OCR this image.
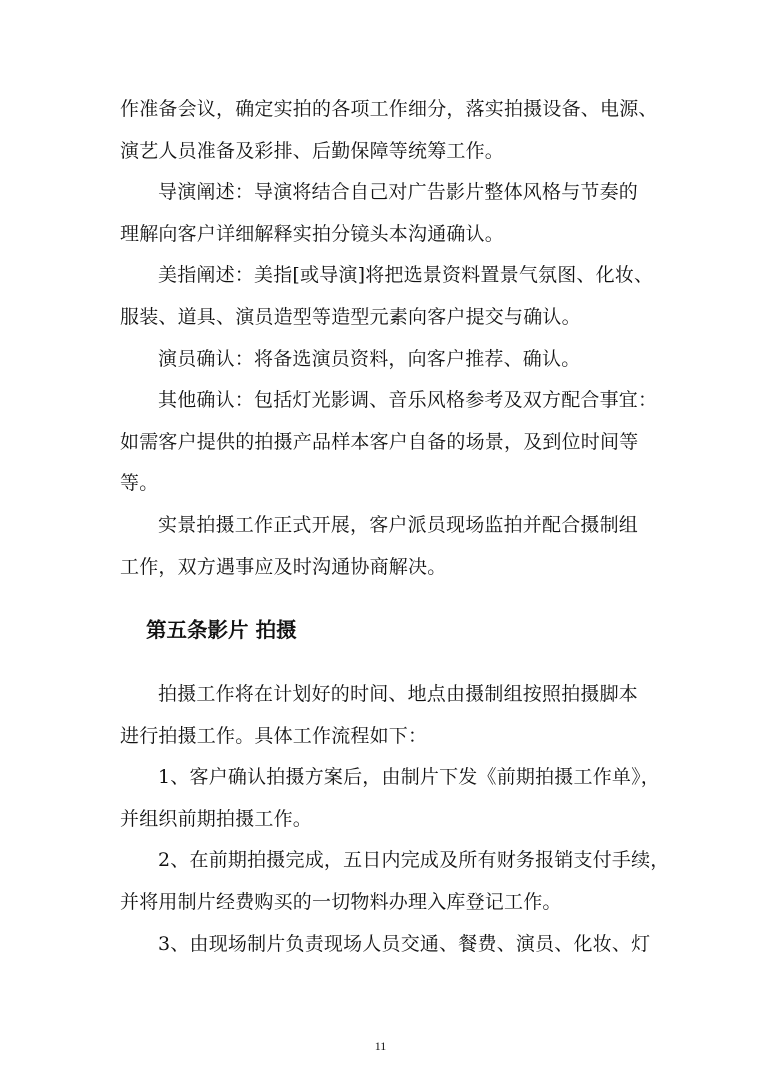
作准备会议，确定实拍的各项工作细分，落实拍摄设备、电源、
演艺人员准备及彩排、后勤保障等统筹工作。
导演阐述：导演将结合自己对广告影片整体风格与节奏的
理解向客户详细解释实拍分镜头本沟通确认。
美指阐述：美指[或导演]将把选景资料置景气氛图、化妆、
服装、道具、演员造型等造型元素向客户提交与确认。
演员确认：将备选演员资料，向客户推荐、确认。
其他确认：包括灯光影调、音乐风格参考及双方配合事宜：
如需客户提供的拍摄产品样本客户自备的场景，及到位时间等
等。
实景拍摄工作正式开展，客户派员现场监拍并配合摄制组
工作，双方遇事应及时沟通协商解决。
第五条影片 拍摄
拍摄工作将在计划好的时间、地点由摄制组按照拍摄脚本
进行拍摄工作。具体工作流程如下：
1、客户确认拍摄方案后，由制片下发《前期拍摄工作单》，
并组织前期拍摄工作。
2、在前期拍摄完成，五日内完成及所有财务报销支付手续，
并将用制片经费购买的一切物料办理入库登记工作。
3、由现场制片负责现场人员交通、餐费、演员、化妆、灯
11
